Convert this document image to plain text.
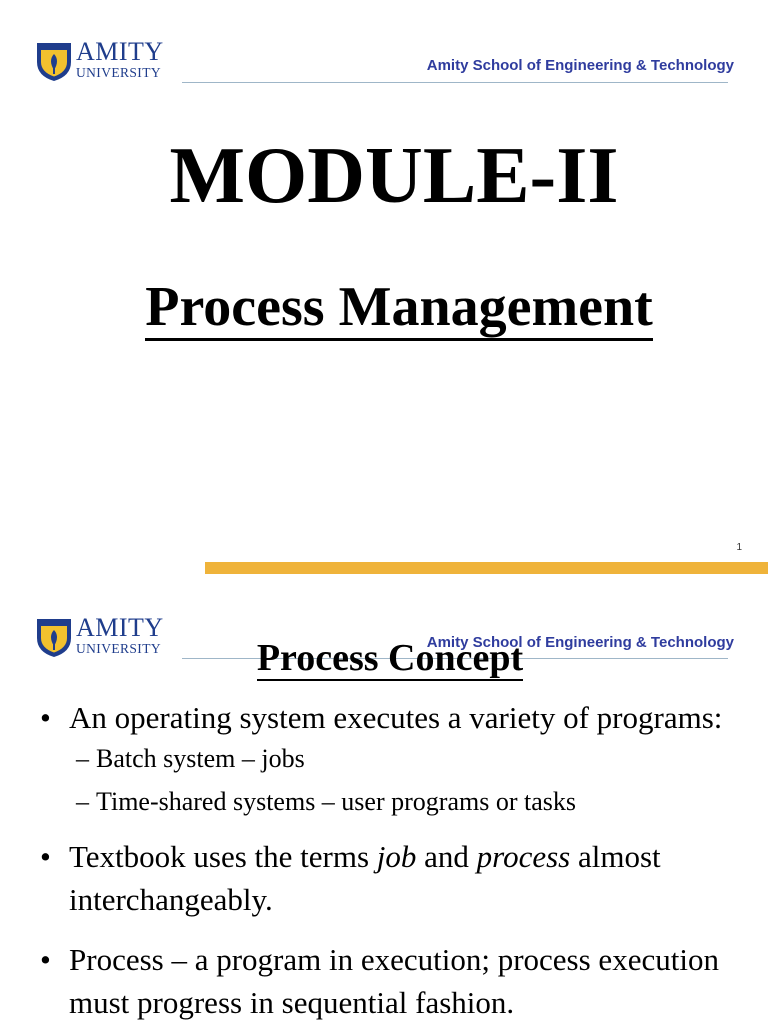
AMITY
UNIVERSITY	Amity School of Engineering & Technology
MODULE-II
Process Management
1
AMITY
UNIVERSITY	Amity School of Engineering & Technology
Process Concept
• An operating system executes a variety of programs:
– Batch system – jobs
– Time-shared systems – user programs or tasks
• Textbook uses the terms job and process almost interchangeably.
• Process – a program in execution; process execution must progress in sequential fashion.
